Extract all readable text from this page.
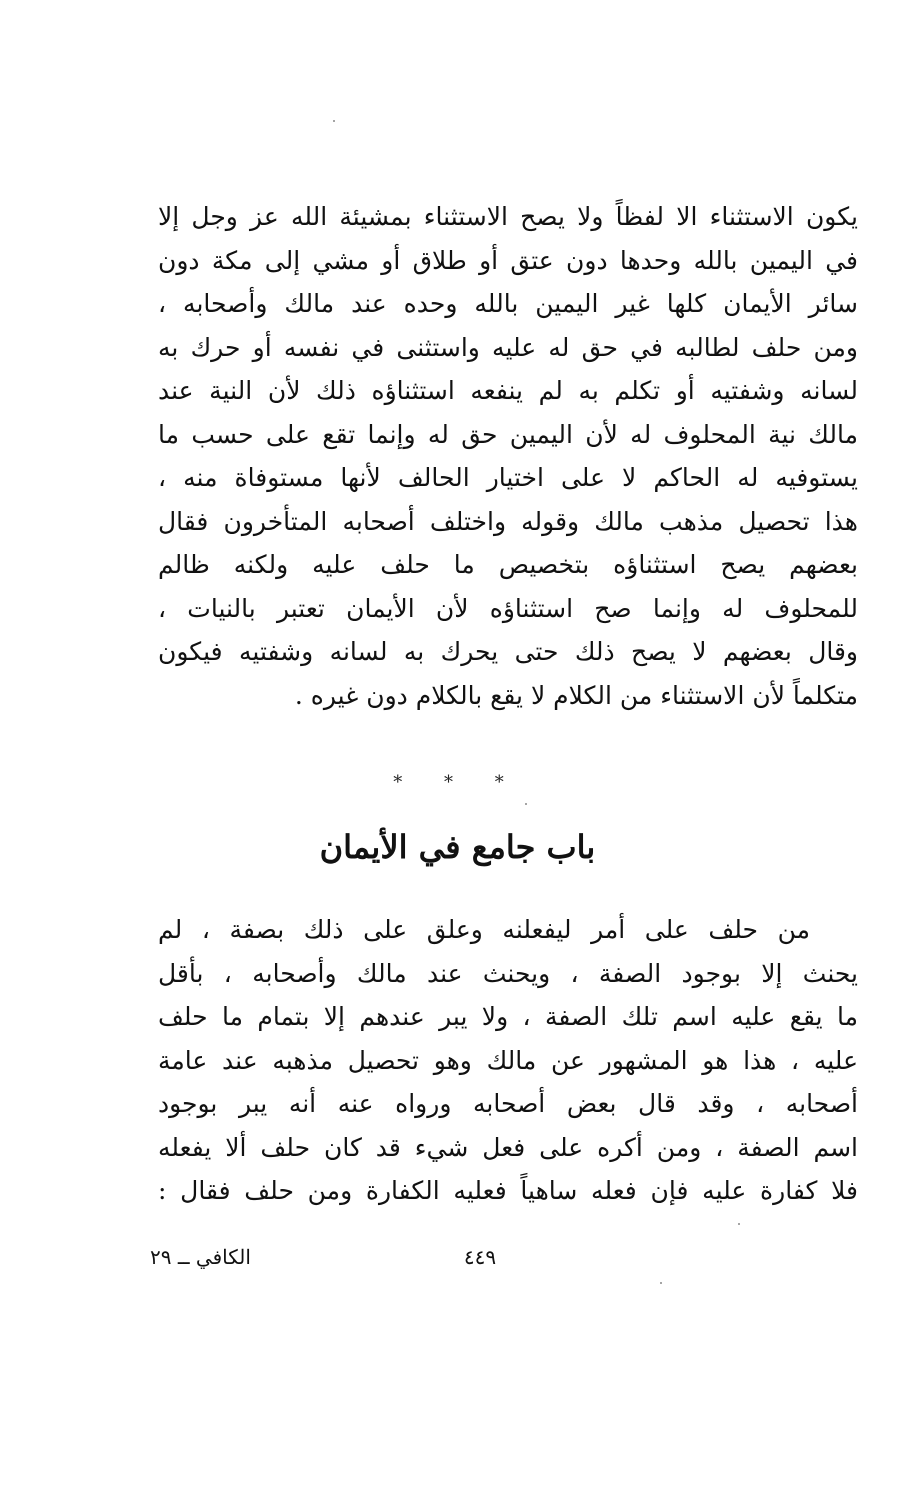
يكون الاستثناء الا لفظاً ولا يصح الاستثناء بمشيئة الله عز وجل إلا
في اليمين بالله وحدها دون عتق أو طلاق أو مشي إلى مكة دون
سائر الأيمان كلها غير اليمين بالله وحده عند مالك وأصحابه ،
ومن حلف لطالبه في حق له عليه واستثنى في نفسه أو حرك به
لسانه وشفتيه أو تكلم به لم ينفعه استثناؤه ذلك لأن النية عند
مالك نية المحلوف له لأن اليمين حق له وإنما تقع على حسب ما
يستوفيه له الحاكم لا على اختيار الحالف لأنها مستوفاة منه ،
هذا تحصيل مذهب مالك وقوله واختلف أصحابه المتأخرون فقال
بعضهم يصح استثناؤه بتخصيص ما حلف عليه ولكنه ظالم
للمحلوف له وإنما صح استثناؤه لأن الأيمان تعتبر بالنيات ،
وقال بعضهم لا يصح ذلك حتى يحرك به لسانه وشفتيه فيكون
متكلماً لأن الاستثناء من الكلام لا يقع بالكلام دون غيره .
* * *
باب جامع في الأيمان
من حلف على أمر ليفعلنه وعلق على ذلك بصفة ، لم
يحنث إلا بوجود الصفة ، ويحنث عند مالك وأصحابه ، بأقل
ما يقع عليه اسم تلك الصفة ، ولا يبر عندهم إلا بتمام ما حلف
عليه ، هذا هو المشهور عن مالك وهو تحصيل مذهبه عند عامة
أصحابه ، وقد قال بعض أصحابه ورواه عنه أنه يبر بوجود
اسم الصفة ، ومن أكره على فعل شيء قد كان حلف ألا يفعله
فلا كفارة عليه فإن فعله ساهياً فعليه الكفارة ومن حلف فقال :
٤٤٩
الكافي ــ ٢٩
